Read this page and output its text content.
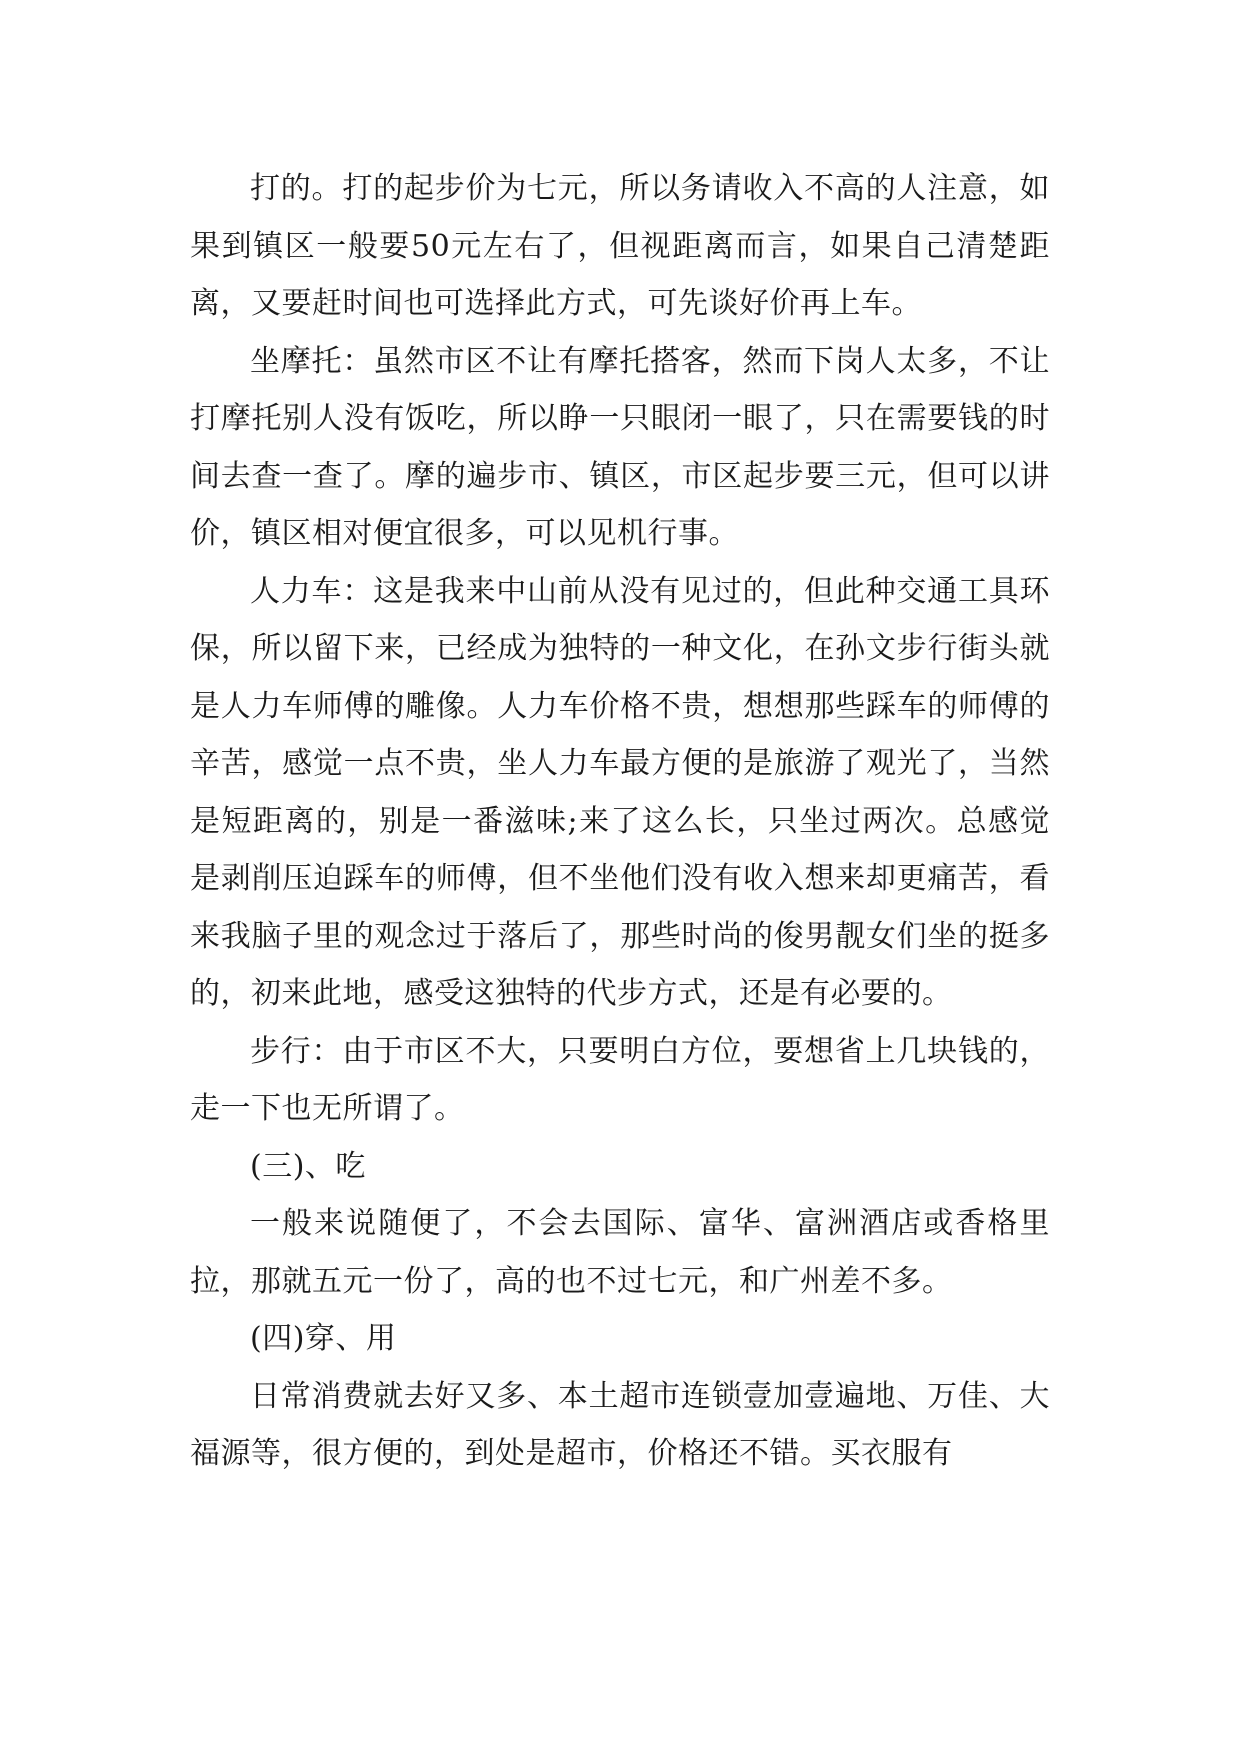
打的。打的起步价为七元，所以务请收入不高的人注意，如果到镇区一般要50元左右了，但视距离而言，如果自己清楚距离，又要赶时间也可选择此方式，可先谈好价再上车。

坐摩托：虽然市区不让有摩托搭客，然而下岗人太多，不让打摩托别人没有饭吃，所以睁一只眼闭一眼了，只在需要钱的时间去查一查了。摩的遍步市、镇区，市区起步要三元，但可以讲价，镇区相对便宜很多，可以见机行事。

人力车：这是我来中山前从没有见过的，但此种交通工具环保，所以留下来，已经成为独特的一种文化，在孙文步行街头就是人力车师傅的雕像。人力车价格不贵，想想那些踩车的师傅的辛苦，感觉一点不贵，坐人力车最方便的是旅游了观光了，当然是短距离的，别是一番滋味;来了这么长，只坐过两次。总感觉是剥削压迫踩车的师傅，但不坐他们没有收入想来却更痛苦，看来我脑子里的观念过于落后了，那些时尚的俊男靓女们坐的挺多的，初来此地，感受这独特的代步方式，还是有必要的。

步行：由于市区不大，只要明白方位，要想省上几块钱的，走一下也无所谓了。

(三)、吃

一般来说随便了，不会去国际、富华、富洲酒店或香格里拉，那就五元一份了，高的也不过七元，和广州差不多。

(四)穿、用

日常消费就去好又多、本土超市连锁壹加壹遍地、万佳、大福源等，很方便的，到处是超市，价格还不错。买衣服有
